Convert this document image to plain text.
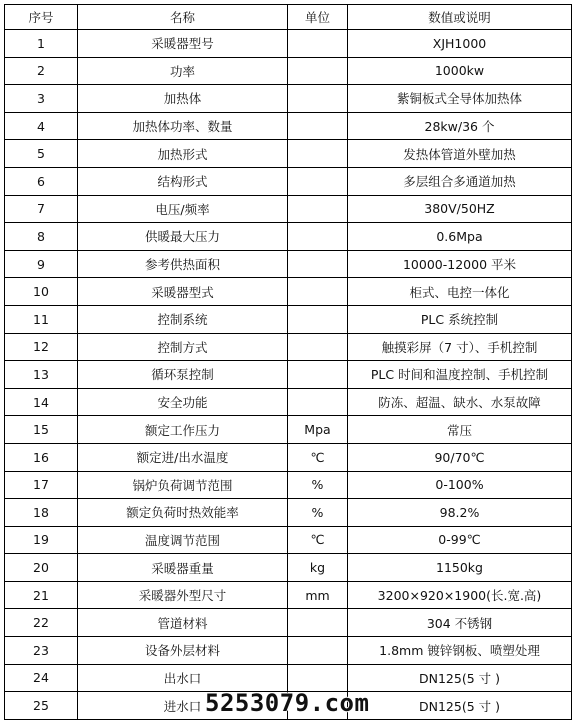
序号	名称	单位	数值或说明
1	采暖器型号		XJH1000
2	功率		1000kw
3	加热体		紫铜板式全导体加热体
4	加热体功率、数量		28kw/36 个
5	加热形式		发热体管道外壁加热
6	结构形式		多层组合多通道加热
7	电压/频率		380V/50HZ
8	供暖最大压力		0.6Mpa
9	参考供热面积		10000-12000 平米
10	采暖器型式		柜式、电控一体化
11	控制系统		PLC 系统控制
12	控制方式		触摸彩屏（7 寸）、手机控制
13	循环泵控制		PLC 时间和温度控制、手机控制
14	安全功能		防冻、超温、缺水、水泵故障
15	额定工作压力	Mpa	常压
16	额定进/出水温度	℃	90/70℃
17	锅炉负荷调节范围	%	0-100%
18	额定负荷时热效能率	%	98.2%
19	温度调节范围	℃	0-99℃
20	采暖器重量	kg	1150kg
21	采暖器外型尺寸	mm	3200×920×1900(长.宽.高)
22	管道材料		304 不锈钢
23	设备外层材料		1.8mm 镀锌钢板、喷塑处理
24	出水口		DN125(5 寸 )
25	进水口		DN125(5 寸 )
5253079.com
